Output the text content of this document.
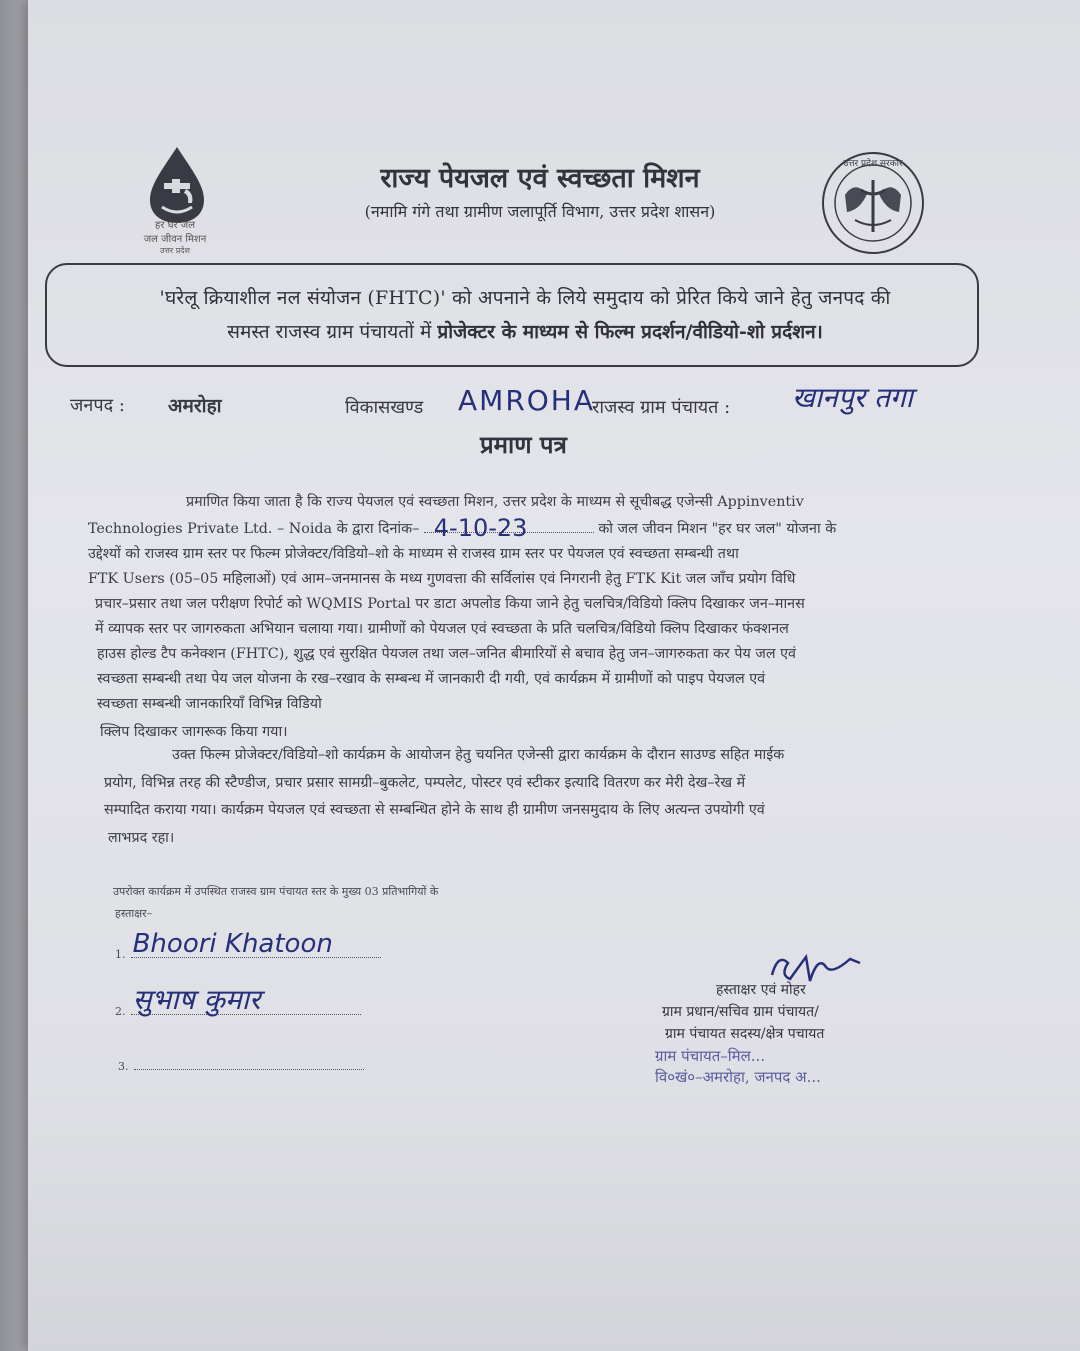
हर घर जल
जल जीवन मिशन
उत्तर प्रदेश
राज्य पेयजल एवं स्वच्छता मिशन
(नमामि गंगे तथा ग्रामीण जलापूर्ति विभाग, उत्तर प्रदेश शासन)
उत्तर प्रदेश सरकार
'घरेलू क्रियाशील नल संयोजन (FHTC)' को अपनाने के लिये समुदाय को प्रेरित किये जाने हेतु जनपद की
समस्त राजस्व ग्राम पंचायतों में प्रोजेक्टर के माध्यम से फिल्म प्रदर्शन/वीडियो-शो प्रर्दशन।
जनपद : अमरोहा	विकासखण्ड AMROHA
राजस्व ग्राम पंचायत : खानपुर तगा
प्रमाण पत्र
प्रमाणित किया जाता है कि राज्य पेयजल एवं स्वच्छता मिशन, उत्तर प्रदेश के माध्यम से सूचीबद्ध एजेन्सी Appinventiv
Technologies Private Ltd. – Noida के द्वारा दिनांक– 4-10-23	को जल जीवन मिशन "हर घर जल" योजना के
उद्देश्यों को राजस्व ग्राम स्तर पर फिल्म प्रोजेक्टर/विडियो–शो के माध्यम से राजस्व ग्राम स्तर पर पेयजल एवं स्वच्छता सम्बन्धी तथा
FTK Users (05–05 महिलाओं) एवं आम–जनमानस के मध्य गुणवत्ता की सर्विलांस एवं निगरानी हेतु FTK Kit जल जाँच प्रयोग विधि
प्रचार–प्रसार तथा जल परीक्षण रिपोर्ट को WQMIS Portal पर डाटा अपलोड किया जाने हेतु चलचित्र/विडियो क्लिप दिखाकर जन–मानस
में व्यापक स्तर पर जागरुकता अभियान चलाया गया। ग्रामीणों को पेयजल एवं स्वच्छता के प्रति चलचित्र/विडियो क्लिप दिखाकर फंक्शनल
हाउस होल्ड टैप कनेक्शन (FHTC), शुद्ध एवं सुरक्षित पेयजल तथा जल–जनित बीमारियों से बचाव हेतु जन–जागरुकता कर पेय जल एवं
स्वच्छता सम्बन्धी तथा पेय जल योजना के रख–रखाव के सम्बन्ध में जानकारी दी गयी, एवं कार्यक्रम में ग्रामीणों को पाइप पेयजल एवं
स्वच्छता सम्बन्धी जानकारियाँ विभिन्न विडियो
क्लिप दिखाकर जागरूक किया गया।
उक्त फिल्म प्रोजेक्टर/विडियो–शो कार्यक्रम के आयोजन हेतु चयनित एजेन्सी द्वारा कार्यक्रम के दौरान साउण्ड सहित माईक
प्रयोग, विभिन्न तरह की स्टैण्डीज, प्रचार प्रसार सामग्री–बुकलेट, पम्पलेट, पोस्टर एवं स्टीकर इत्यादि वितरण कर मेरी देख–रेख में
सम्पादित कराया गया। कार्यक्रम पेयजल एवं स्वच्छता से सम्बन्धित होने के साथ ही ग्रामीण जनसमुदाय के लिए अत्यन्त उपयोगी एवं
लाभप्रद रहा।
उपरोक्त कार्यक्रम में उपस्थित राजस्व ग्राम पंचायत स्तर के मुख्य 03 प्रतिभागियों के
हस्ताक्षर–
1. Bhoori Khatoon
2. सुभाष कुमार
3.
हस्ताक्षर एवं मोहर
ग्राम प्रधान/सचिव ग्राम पंचायत/
ग्राम पंचायत सदस्य/क्षेत्र पचायत
ग्राम पंचायत–मिल...
वि०खं०–अमरोहा, जनपद अ...
